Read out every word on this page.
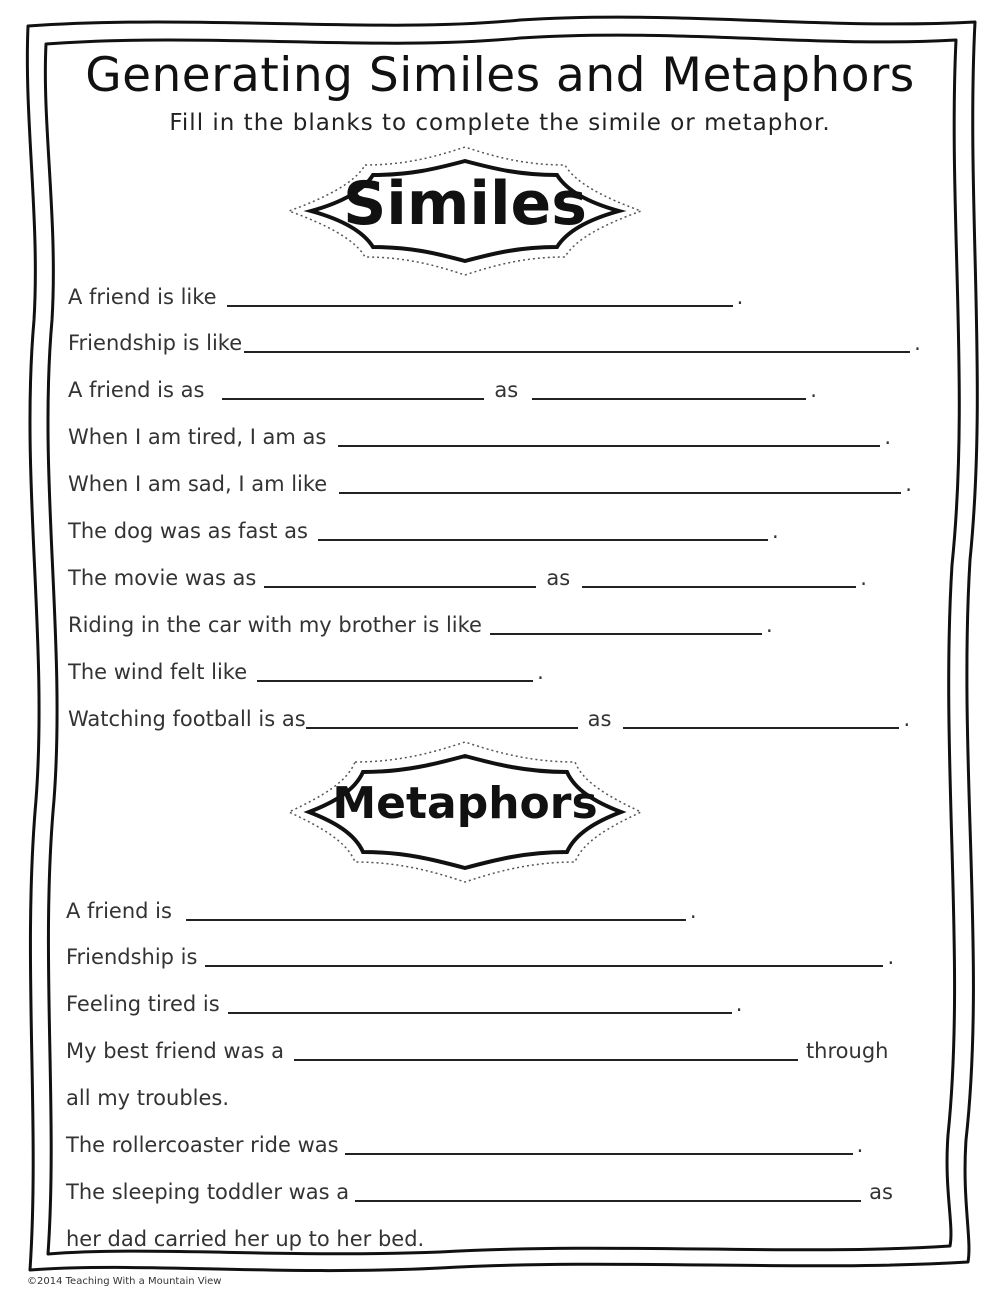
Generating Similes and Metaphors
Fill in the blanks to complete the simile or metaphor.
Similes
Metaphors
A friend is like	.
Friendship is like	.
A friend is as	as	.
When I am tired, I am as	.
When I am sad, I am like	.
The dog was as fast as	.
The movie was as	as	.
Riding in the car with my brother is like	.
The wind felt like	.
Watching football is as	as	.
A friend is	.
Friendship is	.
Feeling tired is	.
My best friend was a	through
all my troubles.
The rollercoaster ride was	.
The sleeping toddler was a	as
her dad carried her up to her bed.
©2014 Teaching With a Mountain View
